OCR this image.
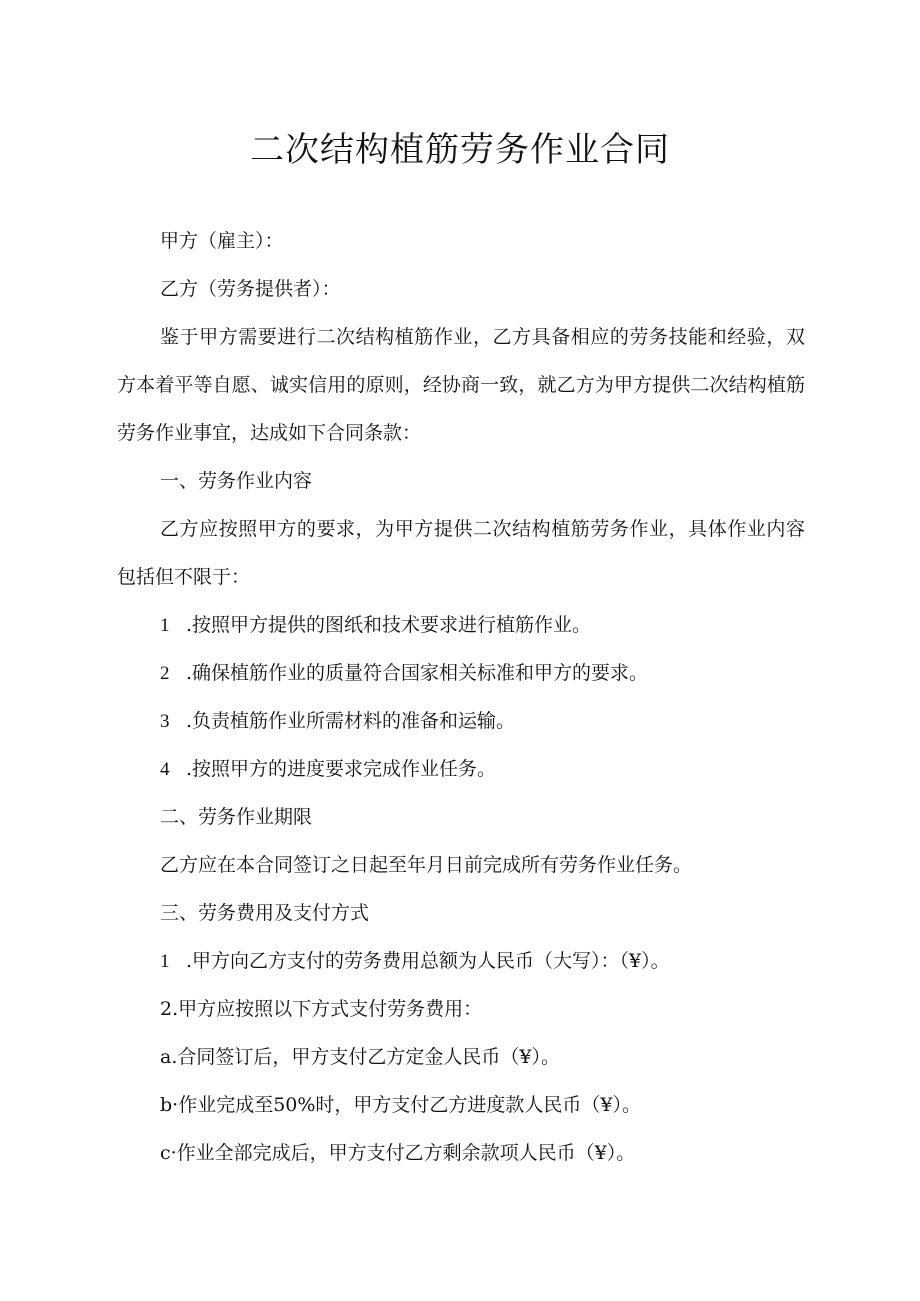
二次结构植筋劳务作业合同
甲方（雇主）：
乙方（劳务提供者）：
鉴于甲方需要进行二次结构植筋作业，乙方具备相应的劳务技能和经验，双方本着平等自愿、诚实信用的原则，经协商一致，就乙方为甲方提供二次结构植筋劳务作业事宜，达成如下合同条款：
一、劳务作业内容
乙方应按照甲方的要求，为甲方提供二次结构植筋劳务作业，具体作业内容包括但不限于：
1 .按照甲方提供的图纸和技术要求进行植筋作业。
2 .确保植筋作业的质量符合国家相关标准和甲方的要求。
3 .负责植筋作业所需材料的准备和运输。
4 .按照甲方的进度要求完成作业任务。
二、劳务作业期限
乙方应在本合同签订之日起至年月日前完成所有劳务作业任务。
三、劳务费用及支付方式
1 .甲方向乙方支付的劳务费用总额为人民币（大写）：（¥）。
2.甲方应按照以下方式支付劳务费用：
a.合同签订后，甲方支付乙方定金人民币（¥）。
b·作业完成至50%时，甲方支付乙方进度款人民币（¥）。
c·作业全部完成后，甲方支付乙方剩余款项人民币（¥）。
